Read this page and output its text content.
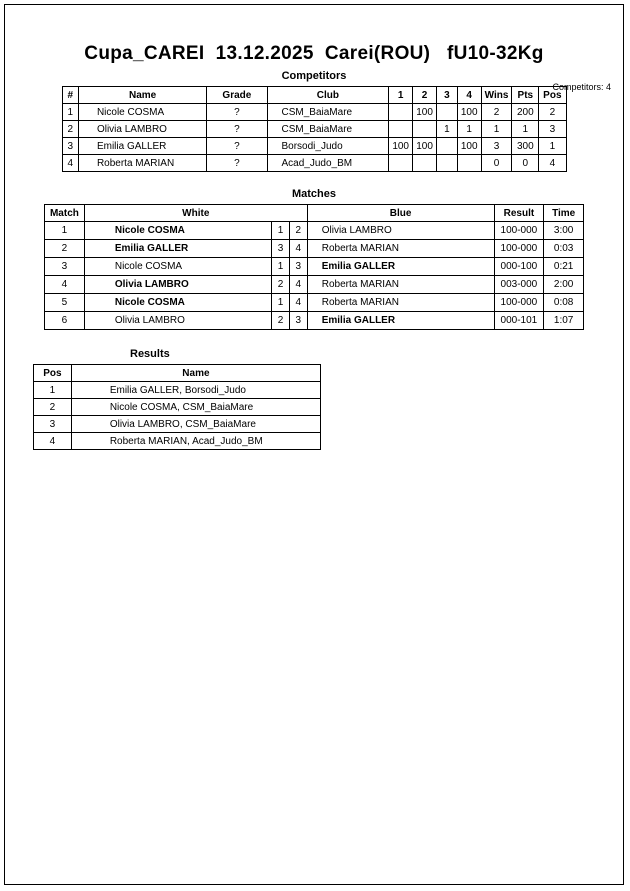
Cupa_CAREI  13.12.2025  Carei(ROU)   fU10-32Kg
Competitors
Competitors: 4
#	Name	Grade	Club	1	2	3	4	Wins	Pts	Pos
1	Nicole COSMA	?	CSM_BaiaMare		100		100	2	200	2
2	Olivia LAMBRO	?	CSM_BaiaMare			1	1	1	1	3
3	Emilia GALLER	?	Borsodi_Judo	100	100		100	3	300	1
4	Roberta MARIAN	?	Acad_Judo_BM					0	0	4
Matches
Match	White			Blue	Result	Time
1	Nicole COSMA	1	2	Olivia LAMBRO	100-000	3:00
2	Emilia GALLER	3	4	Roberta MARIAN	100-000	0:03
3	Nicole COSMA	1	3	Emilia GALLER	000-100	0:21
4	Olivia LAMBRO	2	4	Roberta MARIAN	003-000	2:00
5	Nicole COSMA	1	4	Roberta MARIAN	100-000	0:08
6	Olivia LAMBRO	2	3	Emilia GALLER	000-101	1:07
Results
Pos	Name
1	Emilia GALLER, Borsodi_Judo
2	Nicole COSMA, CSM_BaiaMare
3	Olivia LAMBRO, CSM_BaiaMare
4	Roberta MARIAN, Acad_Judo_BM
